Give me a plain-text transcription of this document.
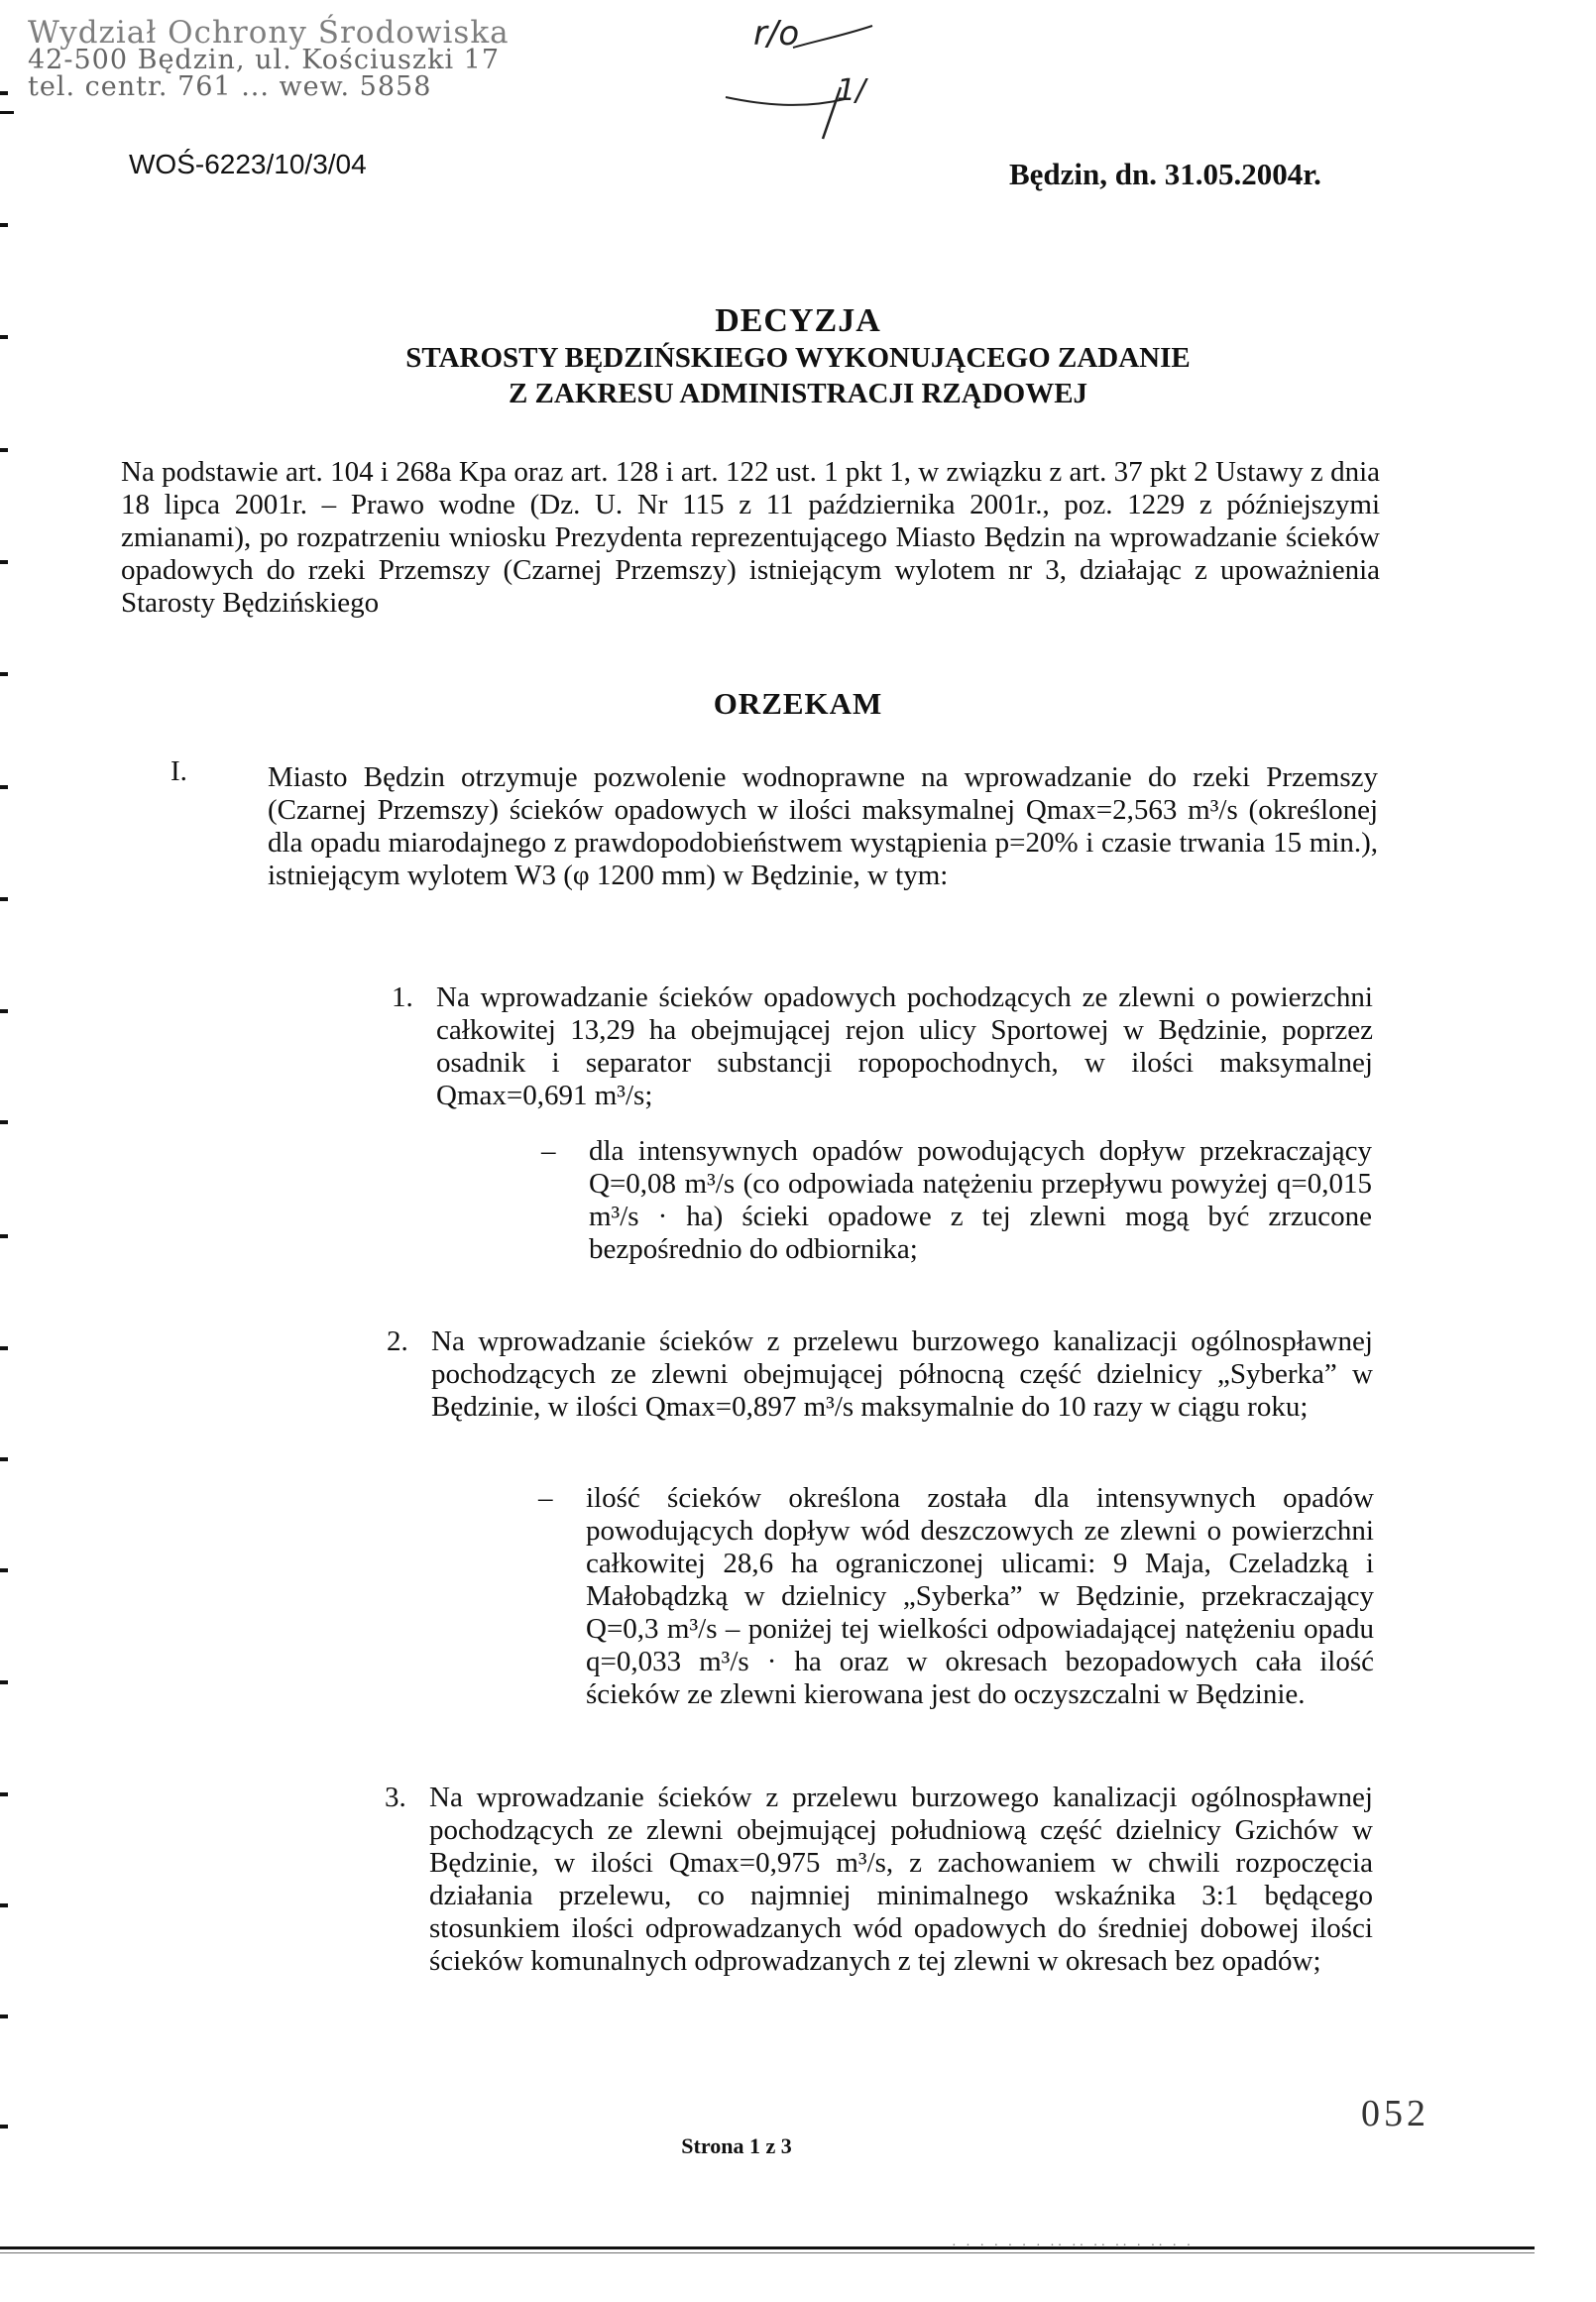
Wydział Ochrony Środowiska
42-500 Będzin, ul. Kościuszki 17
tel. centr. 761 ... wew. 5858
r/o
1/
WOŚ-6223/10/3/04	Będzin, dn. 31.05.2004r.
DECYZJA
STAROSTY BĘDZIŃSKIEGO WYKONUJĄCEGO ZADANIE
Z ZAKRESU ADMINISTRACJI RZĄDOWEJ
Na podstawie art. 104 i 268a Kpa oraz art. 128 i art. 122 ust. 1 pkt 1, w związku z art. 37 pkt 2 Ustawy z dnia 18 lipca 2001r. – Prawo wodne (Dz. U. Nr 115 z 11 października 2001r., poz. 1229 z późniejszymi zmianami), po rozpatrzeniu wniosku Prezydenta reprezentującego Miasto Będzin na wprowadzanie ścieków opadowych do rzeki Przemszy (Czarnej Przemszy) istniejącym wylotem nr 3, działając z upoważnienia Starosty Będzińskiego
ORZEKAM
I.	Miasto Będzin otrzymuje pozwolenie wodnoprawne na wprowadzanie do rzeki Przemszy (Czarnej Przemszy) ścieków opadowych w ilości maksymalnej Qmax=2,563 m³/s (określonej dla opadu miarodajnego z prawdopodobieństwem wystąpienia p=20% i czasie trwania 15 min.), istniejącym wylotem W3 (φ 1200 mm) w Będzinie, w tym:
1. Na wprowadzanie ścieków opadowych pochodzących ze zlewni o powierzchni całkowitej 13,29 ha obejmującej rejon ulicy Sportowej w Będzinie, poprzez osadnik i separator substancji ropopochodnych, w ilości maksymalnej Qmax=0,691 m³/s;
– dla intensywnych opadów powodujących dopływ przekraczający Q=0,08 m³/s (co odpowiada natężeniu przepływu powyżej q=0,015 m³/s · ha) ścieki opadowe z tej zlewni mogą być zrzucone bezpośrednio do odbiornika;
2. Na wprowadzanie ścieków z przelewu burzowego kanalizacji ogólnospławnej pochodzących ze zlewni obejmującej północną część dzielnicy „Syberka” w Będzinie, w ilości Qmax=0,897 m³/s maksymalnie do 10 razy w ciągu roku;
– ilość ścieków określona została dla intensywnych opadów powodujących dopływ wód deszczowych ze zlewni o powierzchni całkowitej 28,6 ha ograniczonej ulicami: 9 Maja, Czeladzką i Małobądzką w dzielnicy „Syberka” w Będzinie, przekraczający Q=0,3 m³/s – poniżej tej wielkości odpowiadającej natężeniu opadu q=0,033 m³/s · ha oraz w okresach bezopadowych cała ilość ścieków ze zlewni kierowana jest do oczyszczalni w Będzinie.
3. Na wprowadzanie ścieków z przelewu burzowego kanalizacji ogólnospławnej pochodzących ze zlewni obejmującej południową część dzielnicy Gzichów w Będzinie, w ilości Qmax=0,975 m³/s, z zachowaniem w chwili rozpoczęcia działania przelewu, co najmniej minimalnego wskaźnika 3:1 będącego stosunkiem ilości odprowadzanych wód opadowych do średniej dobowej ilości ścieków komunalnych odprowadzanych z tej zlewni w okresach bez opadów;
052
Strona 1 z 3
· · · · · · · ·· ·· ·· ·· · ·· · ·
